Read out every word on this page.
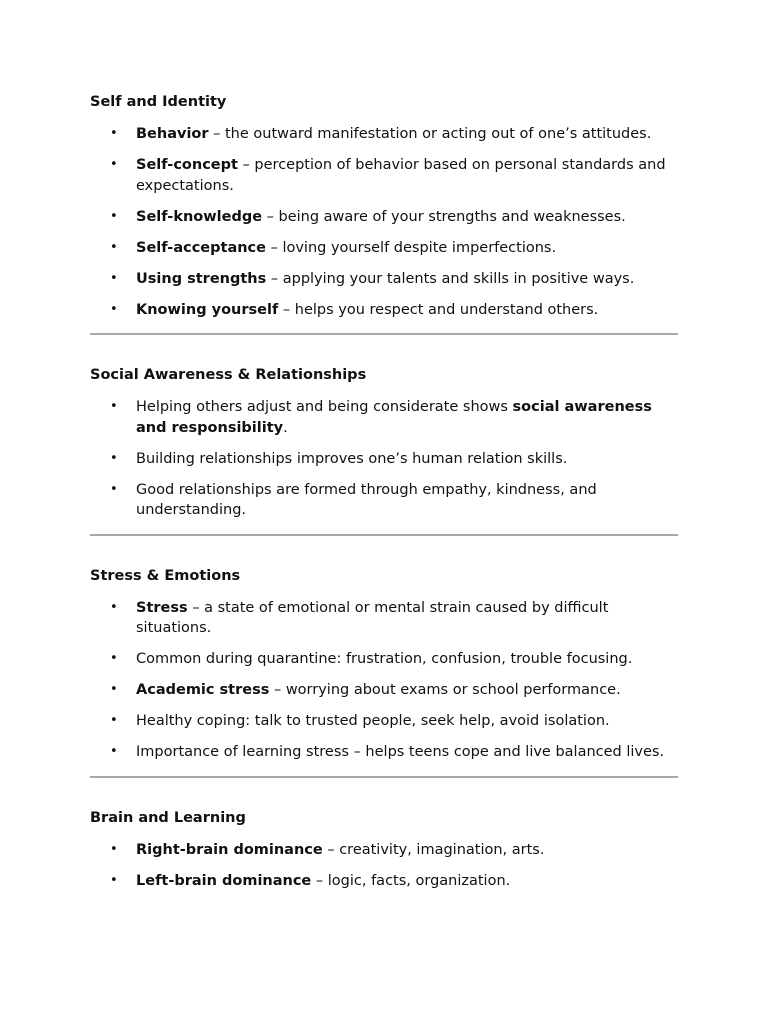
Self and Identity

• Behavior – the outward manifestation or acting out of one’s attitudes.
• Self-concept – perception of behavior based on personal standards and expectations.
• Self-knowledge – being aware of your strengths and weaknesses.
• Self-acceptance – loving yourself despite imperfections.
• Using strengths – applying your talents and skills in positive ways.
• Knowing yourself – helps you respect and understand others.

Social Awareness & Relationships

• Helping others adjust and being considerate shows social awareness and responsibility.
• Building relationships improves one’s human relation skills.
• Good relationships are formed through empathy, kindness, and understanding.

Stress & Emotions

• Stress – a state of emotional or mental strain caused by difficult situations.
• Common during quarantine: frustration, confusion, trouble focusing.
• Academic stress – worrying about exams or school performance.
• Healthy coping: talk to trusted people, seek help, avoid isolation.
• Importance of learning stress – helps teens cope and live balanced lives.

Brain and Learning

• Right-brain dominance – creativity, imagination, arts.
• Left-brain dominance – logic, facts, organization.
